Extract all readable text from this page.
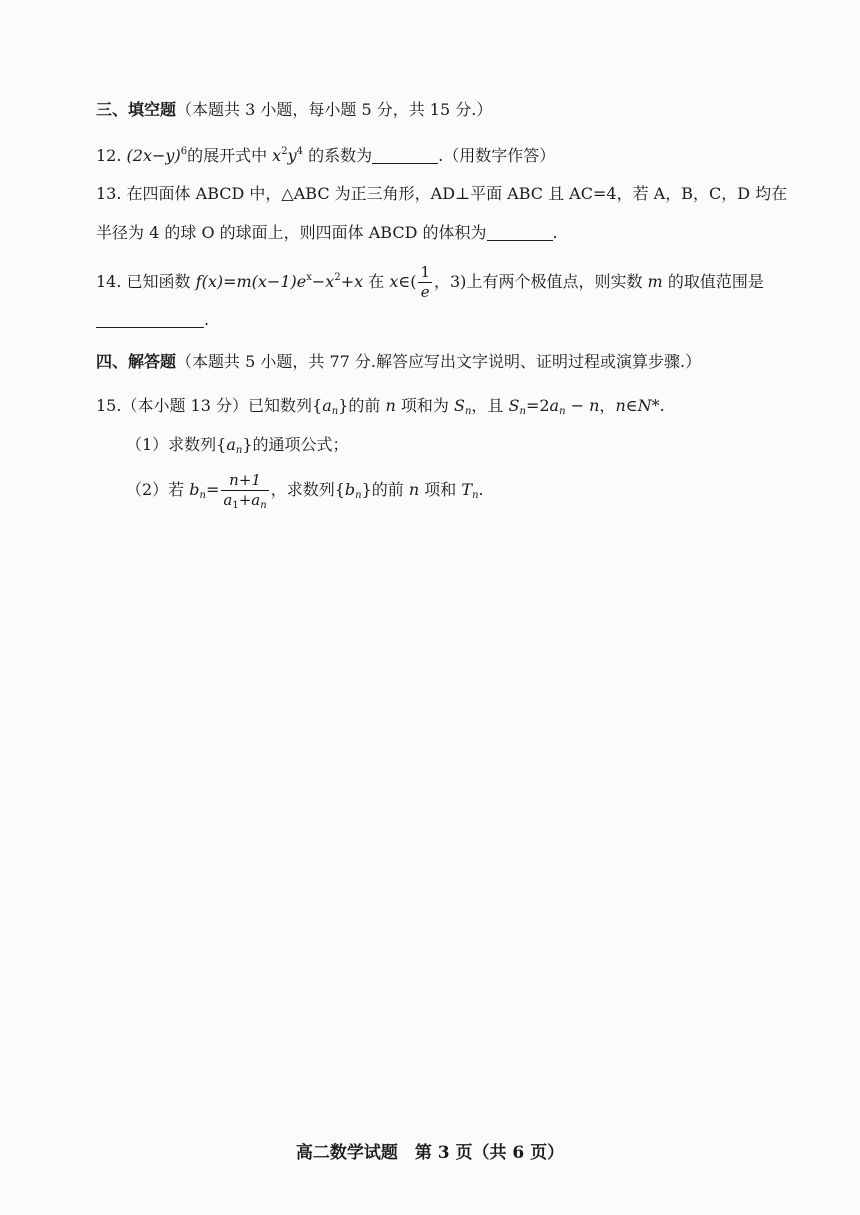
三、填空题（本题共 3 小题，每小题 5 分，共 15 分.）
12. $(2x-y)^6$的展开式中 $x^2y^4$ 的系数为	.（用数字作答）
13. 在四面体 ABCD 中，△ABC 为正三角形，AD⊥平面 ABC 且 AC=4，若 A，B，C，D 均在
半径为 4 的球 O 的球面上，则四面体 ABCD 的体积为	.
14. 已知函数 $f(x)=m(x-1)e^x-x^2+x$ 在 x∈( $\frac{1}{e}$ ，3)上有两个极值点，则实数 m 的取值范围是
.
四、解答题（本题共 5 小题，共 77 分.解答应写出文字说明、证明过程或演算步骤.）
15.（本小题 13 分）已知数列$\{a_n\}$的前 n 项和为 $S_n$，且 $S_n=2a_n - n$，n∈N*.
（1）求数列$\{a_n\}$的通项公式；
（2）若 $b_n= \frac{n+1}{a_1+a_n}$ ，求数列$\{b_n\}$的前 n 项和 $T_n$.
高二数学试题　第 3 页（共 6 页）
